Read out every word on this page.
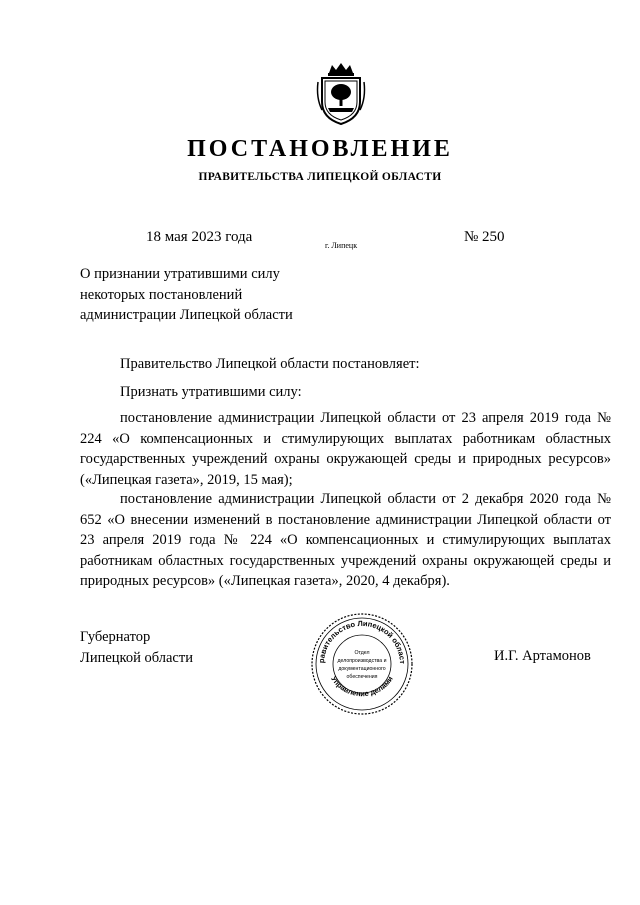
ПОСТАНОВЛЕНИЕ
ПРАВИТЕЛЬСТВА ЛИПЕЦКОЙ ОБЛАСТИ
18 мая 2023 года
г. Липецк
№ 250
О признании утратившими силу
некоторых постановлений
администрации Липецкой области
Правительство Липецкой области постановляет:
Признать утратившими силу:
постановление администрации Липецкой области от 23 апреля 2019 года № 224 «О компенсационных и стимулирующих выплатах работникам областных государственных учреждений охраны окружающей среды и природных ресурсов» («Липецкая газета», 2019, 15 мая);
постановление администрации Липецкой области от 2 декабря 2020 года № 652 «О внесении изменений в постановление администрации Липецкой области от 23 апреля 2019 года № 224 «О компенсационных и стимулирующих выплатах работникам областных государственных учреждений охраны окружающей среды и природных ресурсов» («Липецкая газета», 2020, 4 декабря).
Губернатор
Липецкой области	равительство Липецкой област
Управление делами
Отдел
делопроизводства и
документационного
обеспечения
И.Г. Артамонов
